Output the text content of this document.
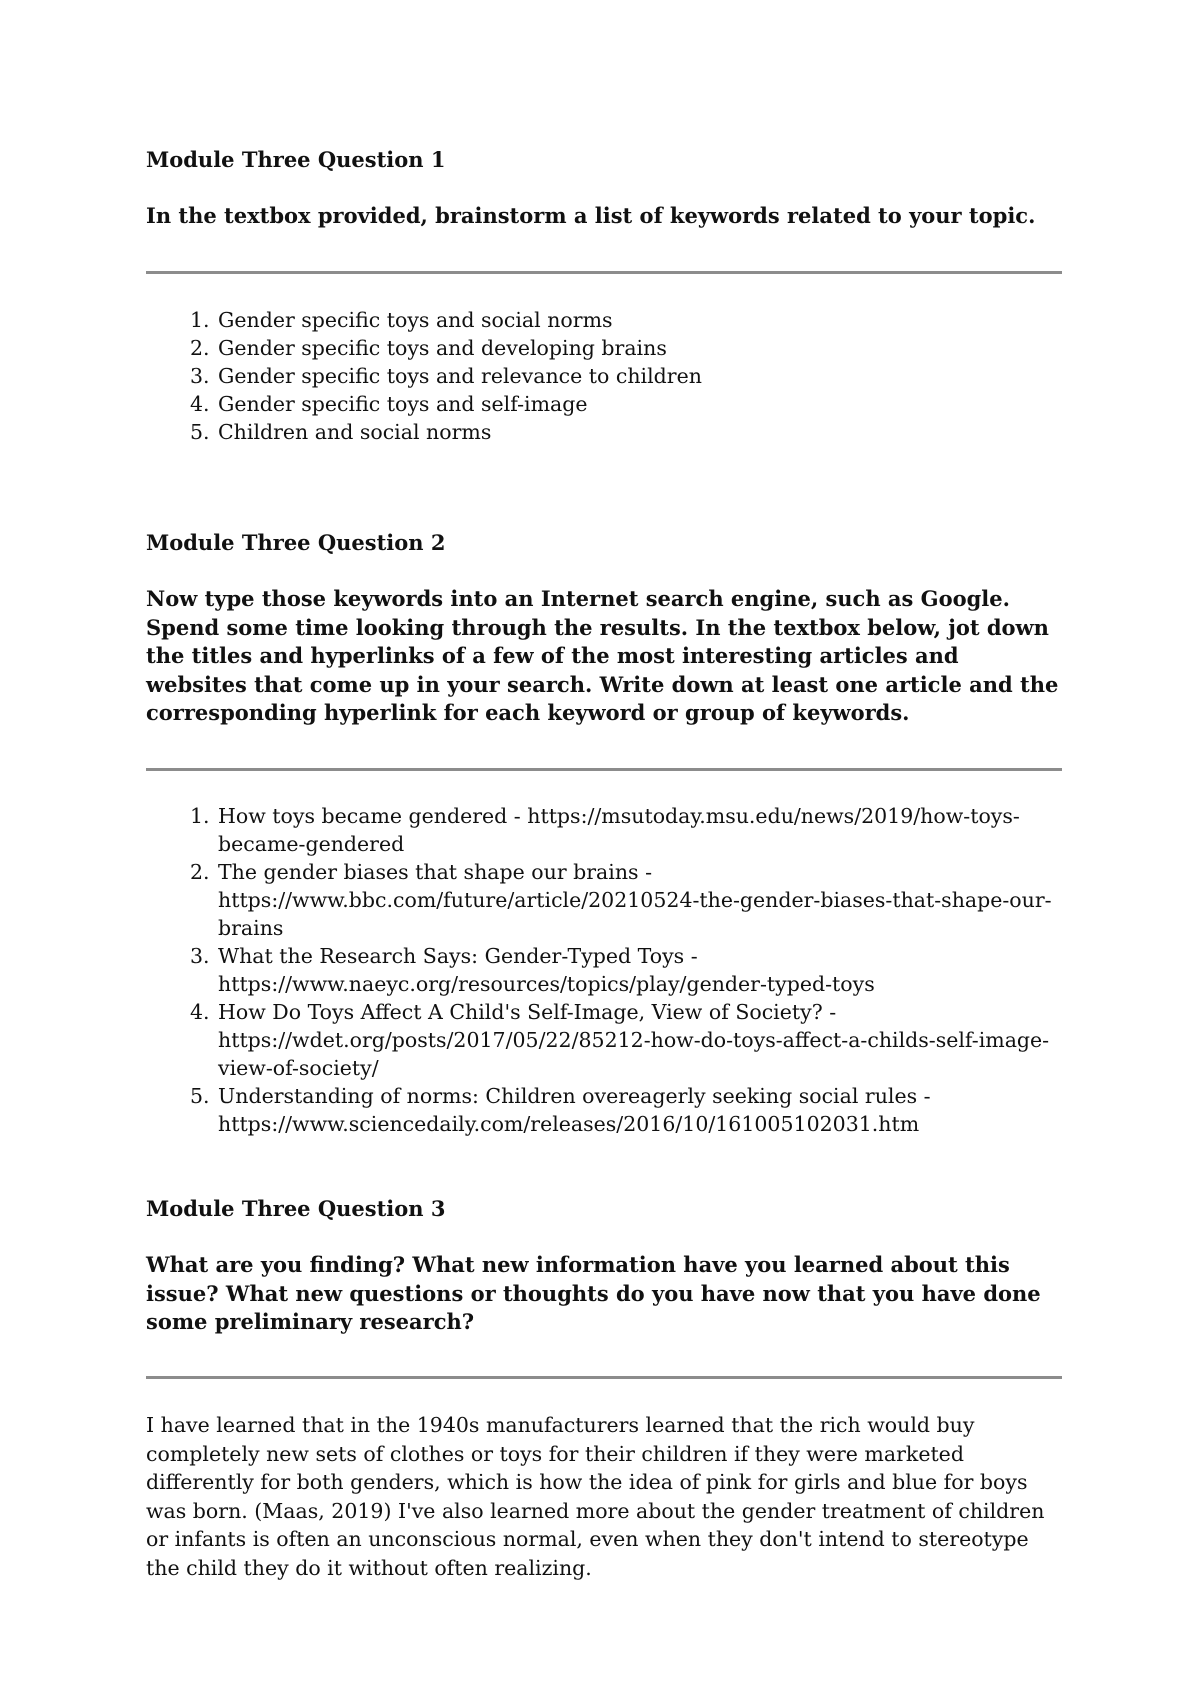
Module Three Question 1

In the textbox provided, brainstorm a list of keywords related to your topic.

Gender specific toys and social norms
Gender specific toys and developing brains
Gender specific toys and relevance to children
Gender specific toys and self-image
Children and social norms
Module Three Question 2

Now type those keywords into an Internet search engine, such as Google. Spend some time looking through the results. In the textbox below, jot down the titles and hyperlinks of a few of the most interesting articles and websites that come up in your search. Write down at least one article and the corresponding hyperlink for each keyword or group of keywords.

How toys became gendered - https://msutoday.msu.edu/news/2019/how-toys-became-gendered
The gender biases that shape our brains - https://www.bbc.com/future/article/20210524-the-gender-biases-that-shape-our-brains
What the Research Says: Gender-Typed Toys - https://www.naeyc.org/resources/topics/play/gender-typed-toys
How Do Toys Affect A Child's Self-Image, View of Society? - https://wdet.org/posts/2017/05/22/85212-how-do-toys-affect-a-childs-self-image-view-of-society/
Understanding of norms: Children overeagerly seeking social rules - https://www.sciencedaily.com/releases/2016/10/161005102031.htm
Module Three Question 3

What are you finding? What new information have you learned about this issue? What new questions or thoughts do you have now that you have done some preliminary research?

I have learned that in the 1940s manufacturers learned that the rich would buy completely new sets of clothes or toys for their children if they were marketed differently for both genders, which is how the idea of pink for girls and blue for boys was born. (Maas, 2019) I've also learned more about the gender treatment of children or infants is often an unconscious normal, even when they don't intend to stereotype the child they do it without often realizing.
